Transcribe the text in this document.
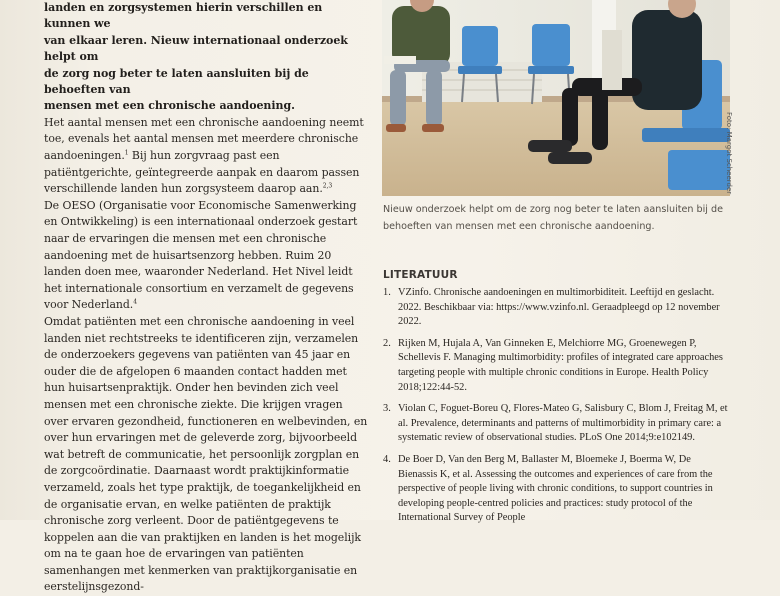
landen en zorgsystemen hierin verschillen en kunnen we
van elkaar leren. Nieuw internationaal onderzoek helpt om
de zorg nog beter te laten aansluiten bij de behoeften van
mensen met een chronische aandoening.

Het aantal mensen met een chronische aandoening neemt toe, evenals het aantal mensen met meerdere chronische aandoeningen.$^1$ Bij hun zorgvraag past een patiëntgerichte, geïntegreerde aanpak en daarom passen verschillende landen hun zorgsysteem daarop aan.$^{2,3}$

De OESO (Organisatie voor Economische Samenwerking en Ontwikkeling) is een internationaal onderzoek gestart naar de ervaringen die mensen met een chronische aandoening met de huisartsenzorg hebben. Ruim 20 landen doen mee, waaronder Nederland. Het Nivel leidt het internationale consortium en verzamelt de gegevens voor Nederland.$^4$

Omdat patiënten met een chronische aandoening in veel landen niet rechtstreeks te identificeren zijn, verzamelen de onderzoekers gegevens van patiënten van 45 jaar en ouder die de afgelopen 6 maanden contact hadden met hun huisartsenpraktijk. Onder hen bevinden zich veel mensen met een chronische ziekte. Die krijgen vragen over ervaren gezondheid, functioneren en welbevinden, en over hun ervaringen met de geleverde zorg, bijvoorbeeld wat betreft de communicatie, het persoonlijk zorgplan en de zorgcoördinatie. Daarnaast wordt praktijkinformatie verzameld, zoals het type praktijk, de toegankelijkheid en de organisatie ervan, en welke patiënten de praktijk chronische zorg verleent. Door de patiëntgegevens te koppelen aan die van praktijken en landen is het mogelijk om na te gaan hoe de ervaringen van patiënten samenhangen met kenmerken van praktijkorganisatie en eerstelijnsgezond-

Foto: Margot Scheerder
Nieuw onderzoek helpt om de zorg nog beter te laten aansluiten bij de behoeften van mensen met een chronische aandoening.
LITERATUUR
1. VZinfo. Chronische aandoeningen en multimorbiditeit. Leeftijd en geslacht. 2022. Beschikbaar via: https://www.vzinfo.nl. Geraadpleegd op 12 november 2022.
2. Rijken M, Hujala A, Van Ginneken E, Melchiorre MG, Groenewegen P, Schellevis F. Managing multimorbidity: profiles of integrated care approaches targeting people with multiple chronic conditions in Europe. Health Policy 2018;122:44-52.
3. Violan C, Foguet-Boreu Q, Flores-Mateo G, Salisbury C, Blom J, Freitag M, et al. Prevalence, determinants and patterns of multimorbidity in primary care: a systematic review of observational studies. PLoS One 2014;9:e102149.
4. De Boer D, Van den Berg M, Ballaster M, Bloemeke J, Boerma W, De Bienassis K, et al. Assessing the outcomes and experiences of care from the perspective of people living with chronic conditions, to support countries in developing people-centred policies and practices: study protocol of the International Survey of People
